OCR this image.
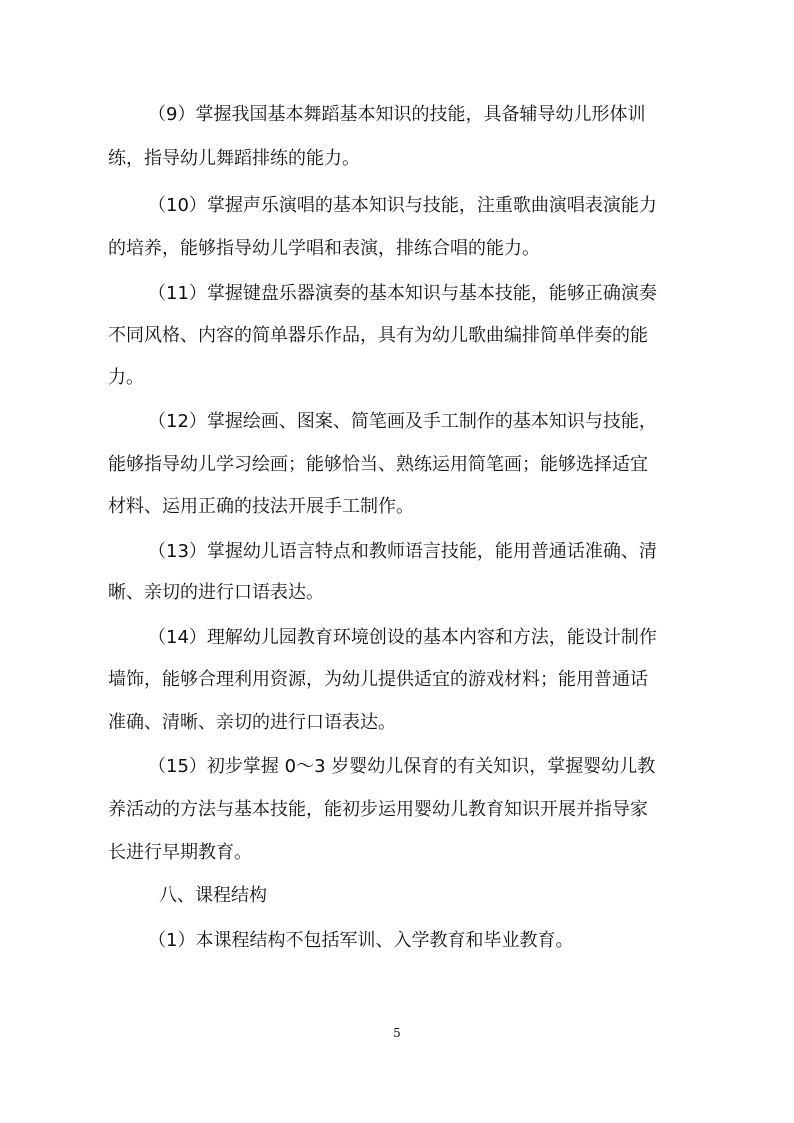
（9）掌握我国基本舞蹈基本知识的技能，具备辅导幼儿形体训
练，指导幼儿舞蹈排练的能力。
（10）掌握声乐演唱的基本知识与技能，注重歌曲演唱表演能力
的培养，能够指导幼儿学唱和表演，排练合唱的能力。
（11）掌握键盘乐器演奏的基本知识与基本技能，能够正确演奏
不同风格、内容的简单器乐作品，具有为幼儿歌曲编排简单伴奏的能
力。
（12）掌握绘画、图案、简笔画及手工制作的基本知识与技能，
能够指导幼儿学习绘画；能够恰当、熟练运用简笔画；能够选择适宜
材料、运用正确的技法开展手工制作。
（13）掌握幼儿语言特点和教师语言技能，能用普通话准确、清
晰、亲切的进行口语表达。
（14）理解幼儿园教育环境创设的基本内容和方法，能设计制作
墙饰，能够合理利用资源，为幼儿提供适宜的游戏材料；能用普通话
准确、清晰、亲切的进行口语表达。
（15）初步掌握 0～3 岁婴幼儿保育的有关知识，掌握婴幼儿教
养活动的方法与基本技能，能初步运用婴幼儿教育知识开展并指导家
长进行早期教育。
八、课程结构
（1）本课程结构不包括军训、入学教育和毕业教育。
5
